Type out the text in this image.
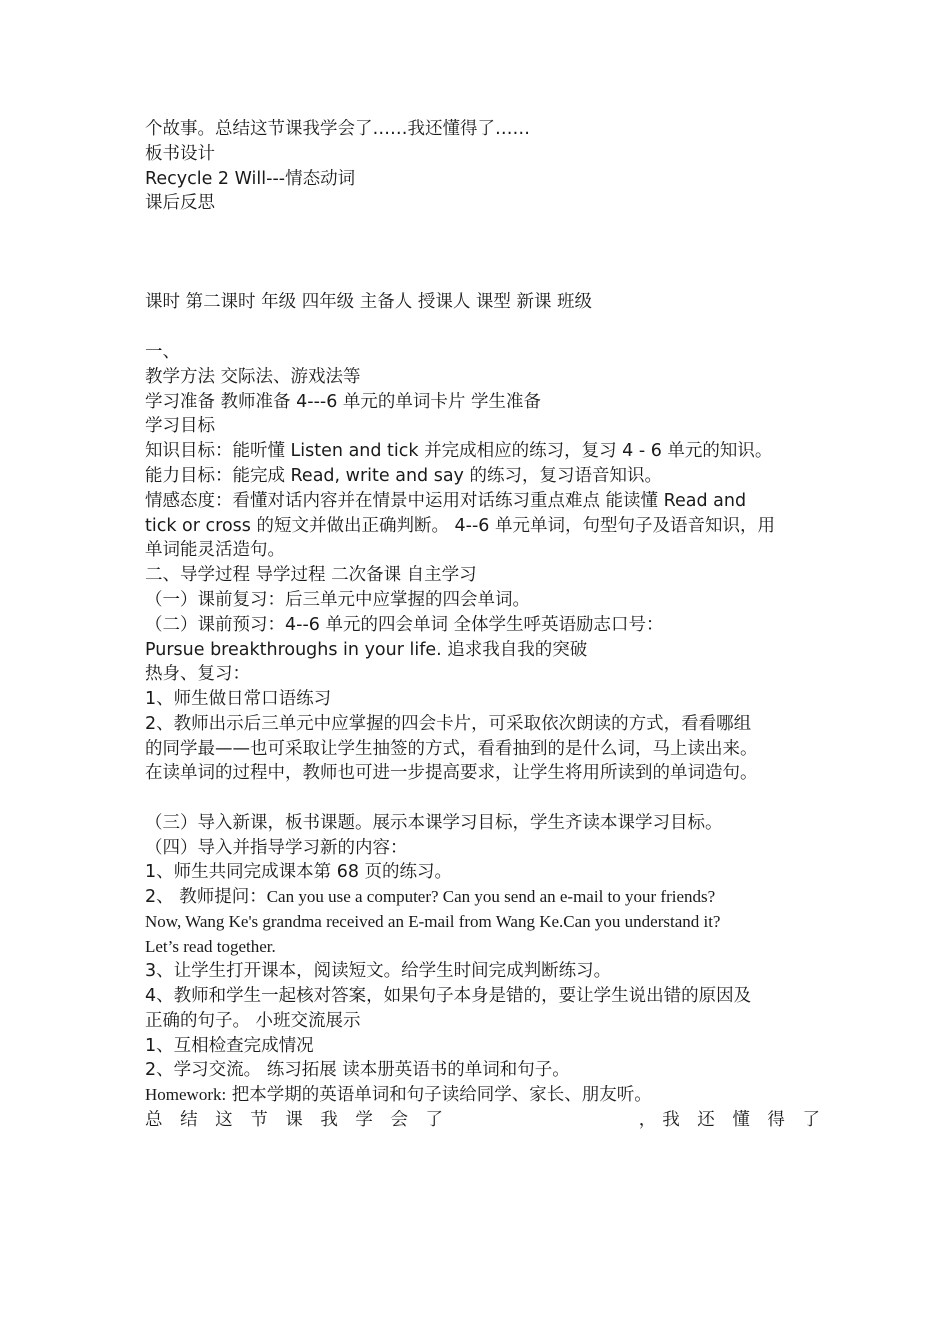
个故事。总结这节课我学会了……我还懂得了……
板书设计
Recycle 2 Will---情态动词
课后反思
课时 第二课时 年级 四年级 主备人 授课人 课型 新课 班级
一、
教学方法 交际法、游戏法等
学习准备 教师准备 4---6 单元的单词卡片 学生准备
学习目标
知识目标：能听懂 Listen and tick 并完成相应的练习，复习 4 - 6 单元的知识。
能力目标：能完成 Read, write and say 的练习，复习语音知识。
情感态度：看懂对话内容并在情景中运用对话练习重点难点 能读懂 Read and
tick or cross 的短文并做出正确判断。 4--6 单元单词，句型句子及语音知识，用
单词能灵活造句。
二、导学过程 导学过程 二次备课 自主学习
（一）课前复习：后三单元中应掌握的四会单词。
（二）课前预习：4--6 单元的四会单词 全体学生呼英语励志口号：
Pursue breakthroughs in your life. 追求我自我的突破
热身、复习：
1、师生做日常口语练习
2、教师出示后三单元中应掌握的四会卡片，可采取依次朗读的方式，看看哪组
的同学最——也可采取让学生抽签的方式，看看抽到的是什么词，马上读出来。
在读单词的过程中，教师也可进一步提高要求，让学生将用所读到的单词造句。
（三）导入新课，板书课题。展示本课学习目标，学生齐读本课学习目标。
（四）导入并指导学习新的内容：
1、师生共同完成课本第 68 页的练习。
2、 教师提问：Can you use a computer? Can you send an e-mail to your friends?
Now, Wang Ke's grandma received an E-mail from Wang Ke.Can you understand it?
Let’s read together.
3、让学生打开课本，阅读短文。给学生时间完成判断练习。
4、教师和学生一起核对答案，如果句子本身是错的，要让学生说出错的原因及
正确的句子。 小班交流展示
1、互相检查完成情况
2、学习交流。 练习拓展 读本册英语书的单词和句子。
Homework: 把本学期的英语单词和句子读给同学、家长、朋友听。
总 结 这 节 课 我 学 会 了	，我 还 懂 得 了
